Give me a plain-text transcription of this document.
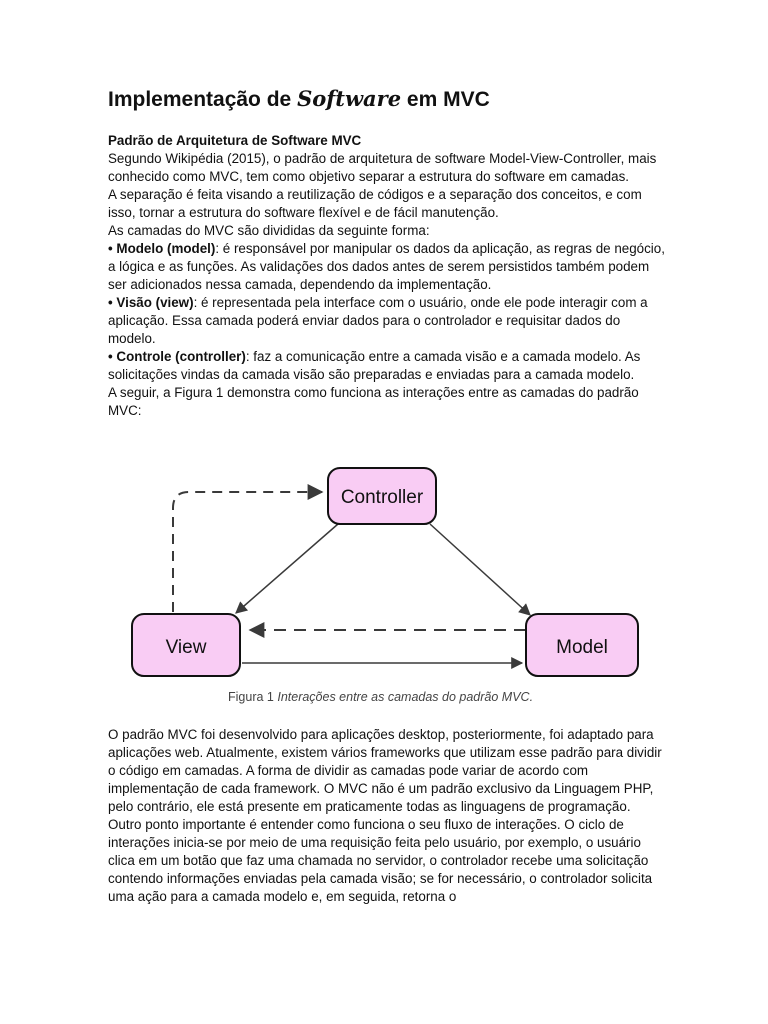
Implementação de Software em MVC

Padrão de Arquitetura de Software MVC

Segundo Wikipédia (2015), o padrão de arquitetura de software Model-View-Controller, mais conhecido como MVC, tem como objetivo separar a estrutura do software em camadas.

A separação é feita visando a reutilização de códigos e a separação dos conceitos, e com isso, tornar a estrutura do software flexível e de fácil manutenção.

As camadas do MVC são divididas da seguinte forma:

• Modelo (model): é responsável por manipular os dados da aplicação, as regras de negócio, a lógica e as funções. As validações dos dados antes de serem persistidos também podem ser adicionados nessa camada, dependendo da implementação.

• Visão (view): é representada pela interface com o usuário, onde ele pode interagir com a aplicação. Essa camada poderá enviar dados para o controlador e requisitar dados do modelo.

• Controle (controller): faz a comunicação entre a camada visão e a camada modelo. As solicitações vindas da camada visão são preparadas e enviadas para a camada modelo.

A seguir, a Figura 1 demonstra como funciona as interações entre as camadas do padrão MVC:

Controller
View	Model
Figura 1 Interações entre as camadas do padrão MVC.

O padrão MVC foi desenvolvido para aplicações desktop, posteriormente, foi adaptado para aplicações web. Atualmente, existem vários frameworks que utilizam esse padrão para dividir o código em camadas. A forma de dividir as camadas pode variar de acordo com implementação de cada framework. O MVC não é um padrão exclusivo da Linguagem PHP, pelo contrário, ele está presente em praticamente todas as linguagens de programação.

Outro ponto importante é entender como funciona o seu fluxo de interações. O ciclo de interações inicia-se por meio de uma requisição feita pelo usuário, por exemplo, o usuário clica em um botão que faz uma chamada no servidor, o controlador recebe uma solicitação contendo informações enviadas pela camada visão; se for necessário, o controlador solicita uma ação para a camada modelo e, em seguida, retorna o
